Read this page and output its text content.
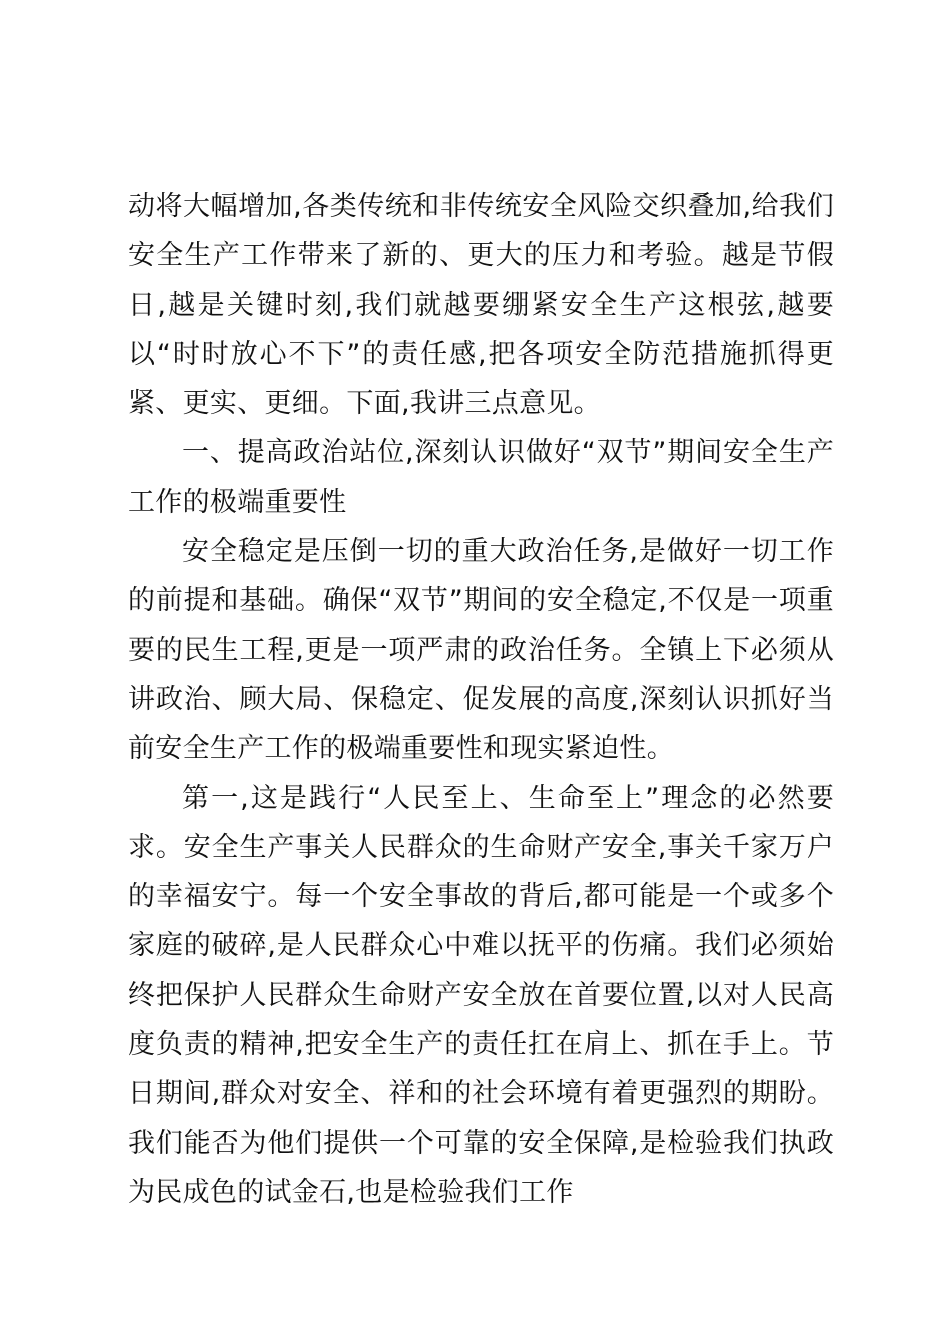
动将大幅增加,各类传统和非传统安全风险交织叠加,给我们安全生产工作带来了新的、更大的压力和考验。越是节假日,越是关键时刻,我们就越要绷紧安全生产这根弦,越要以“时时放心不下”的责任感,把各项安全防范措施抓得更紧、更实、更细。下面,我讲三点意见。

一、提高政治站位,深刻认识做好“双节”期间安全生产工作的极端重要性

安全稳定是压倒一切的重大政治任务,是做好一切工作的前提和基础。确保“双节”期间的安全稳定,不仅是一项重要的民生工程,更是一项严肃的政治任务。全镇上下必须从讲政治、顾大局、保稳定、促发展的高度,深刻认识抓好当前安全生产工作的极端重要性和现实紧迫性。

第一,这是践行“人民至上、生命至上”理念的必然要求。安全生产事关人民群众的生命财产安全,事关千家万户的幸福安宁。每一个安全事故的背后,都可能是一个或多个家庭的破碎,是人民群众心中难以抚平的伤痛。我们必须始终把保护人民群众生命财产安全放在首要位置,以对人民高度负责的精神,把安全生产的责任扛在肩上、抓在手上。节日期间,群众对安全、祥和的社会环境有着更强烈的期盼。我们能否为他们提供一个可靠的安全保障,是检验我们执政为民成色的试金石,也是检验我们工作
